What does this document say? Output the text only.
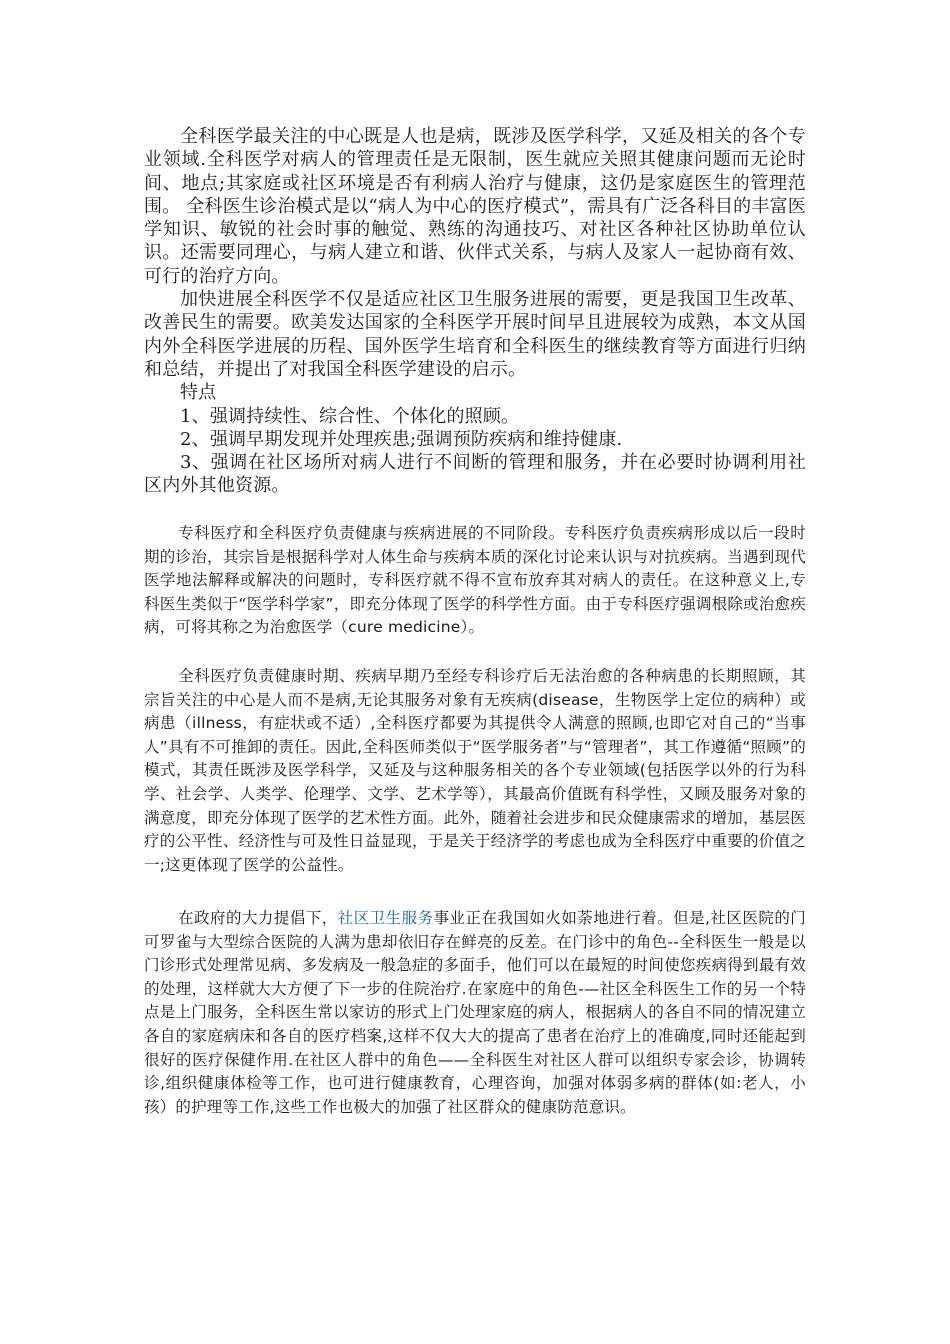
全科医学最关注的中心既是人也是病，既涉及医学科学，又延及相关的各个专业领域.全科医学对病人的管理责任是无限制，医生就应关照其健康问题而无论时间、地点;其家庭或社区环境是否有利病人治疗与健康，这仍是家庭医生的管理范围。 全科医生诊治模式是以“病人为中心的医疗模式”，需具有广泛各科目的丰富医学知识、敏锐的社会时事的触觉、熟练的沟通技巧、对社区各种社区协助单位认识。还需要同理心，与病人建立和谐、伙伴式关系，与病人及家人一起协商有效、可行的治疗方向。

加快进展全科医学不仅是适应社区卫生服务进展的需要，更是我国卫生改革、改善民生的需要。欧美发达国家的全科医学开展时间早且进展较为成熟，本文从国内外全科医学进展的历程、国外医学生培育和全科医生的继续教育等方面进行归纳和总结，并提出了对我国全科医学建设的启示。

特点

1、强调持续性、综合性、个体化的照顾。

2、强调早期发现并处理疾患;强调预防疾病和维持健康.

3、强调在社区场所对病人进行不间断的管理和服务，并在必要时协调利用社区内外其他资源。

专科医疗和全科医疗负责健康与疾病进展的不同阶段。专科医疗负责疾病形成以后一段时期的诊治，其宗旨是根据科学对人体生命与疾病本质的深化讨论来认识与对抗疾病。当遇到现代医学地法解释或解决的问题时，专科医疗就不得不宣布放弃其对病人的责任。在这种意义上,专科医生类似于“医学科学家”，即充分体现了医学的科学性方面。由于专科医疗强调根除或治愈疾病，可将其称之为治愈医学（cure medicine）。

全科医疗负责健康时期、疾病早期乃至经专科诊疗后无法治愈的各种病患的长期照顾，其宗旨关注的中心是人而不是病,无论其服务对象有无疾病(disease，生物医学上定位的病种）或病患（illness，有症状或不适）,全科医疗都要为其提供令人满意的照顾,也即它对自己的“当事人”具有不可推卸的责任。因此,全科医师类似于“医学服务者”与“管理者”，其工作遵循“照顾”的模式，其责任既涉及医学科学，又延及与这种服务相关的各个专业领域(包括医学以外的行为科学、社会学、人类学、伦理学、文学、艺术学等），其最高价值既有科学性，又顾及服务对象的满意度，即充分体现了医学的艺术性方面。此外，随着社会进步和民众健康需求的增加，基层医疗的公平性、经济性与可及性日益显现，于是关于经济学的考虑也成为全科医疗中重要的价值之一;这更体现了医学的公益性。

在政府的大力提倡下，社区卫生服务事业正在我国如火如荼地进行着。但是,社区医院的门可罗雀与大型综合医院的人满为患却依旧存在鲜亮的反差。在门诊中的角色--全科医生一般是以门诊形式处理常见病、多发病及一般急症的多面手，他们可以在最短的时间使您疾病得到最有效的处理，这样就大大方便了下一步的住院治疗.在家庭中的角色-—社区全科医生工作的另一个特点是上门服务，全科医生常以家访的形式上门处理家庭的病人，根据病人的各自不同的情况建立各自的家庭病床和各自的医疗档案,这样不仅大大的提高了患者在治疗上的准确度,同时还能起到很好的医疗保健作用.在社区人群中的角色——全科医生对社区人群可以组织专家会诊，协调转诊,组织健康体检等工作，也可进行健康教育，心理咨询，加强对体弱多病的群体(如:老人，小孩）的护理等工作,这些工作也极大的加强了社区群众的健康防范意识。
